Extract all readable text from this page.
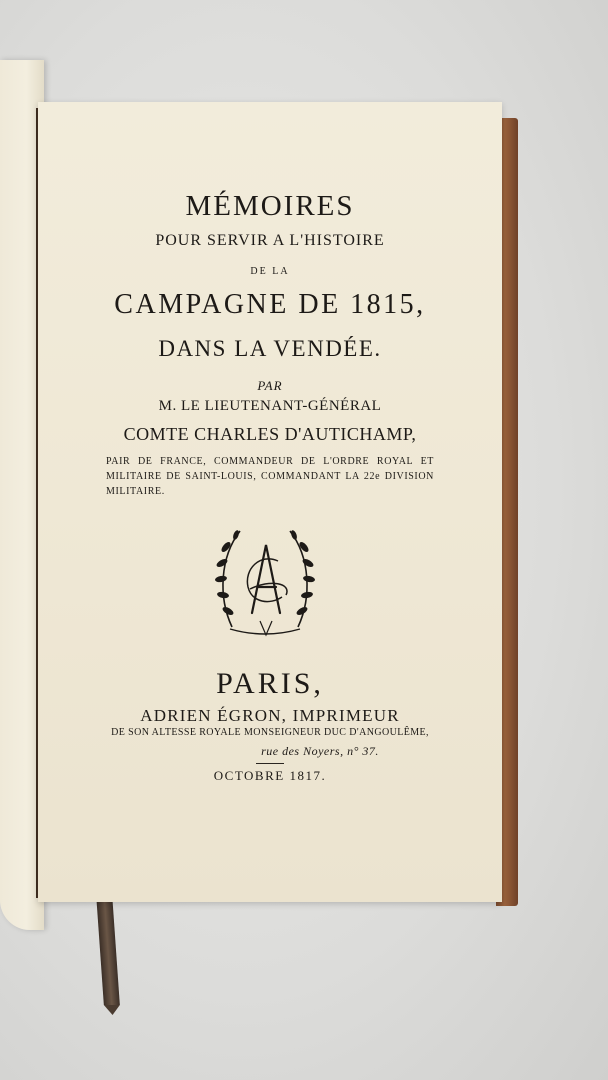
MÉMOIRES
POUR SERVIR A L'HISTOIRE
DE LA
CAMPAGNE DE 1815,
DANS LA VENDÉE.
PAR
M. LE LIEUTENANT-GÉNÉRAL
COMTE CHARLES D'AUTICHAMP,
PAIR DE FRANCE, COMMANDEUR DE L'ORDRE ROYAL ET MILITAIRE DE SAINT-LOUIS, COMMANDANT LA 22e DIVISION MILITAIRE.
PARIS,
ADRIEN ÉGRON, IMPRIMEUR
DE SON ALTESSE ROYALE MONSEIGNEUR DUC D'ANGOULÊME,
rue des Noyers, n° 37.
OCTOBRE 1817.
